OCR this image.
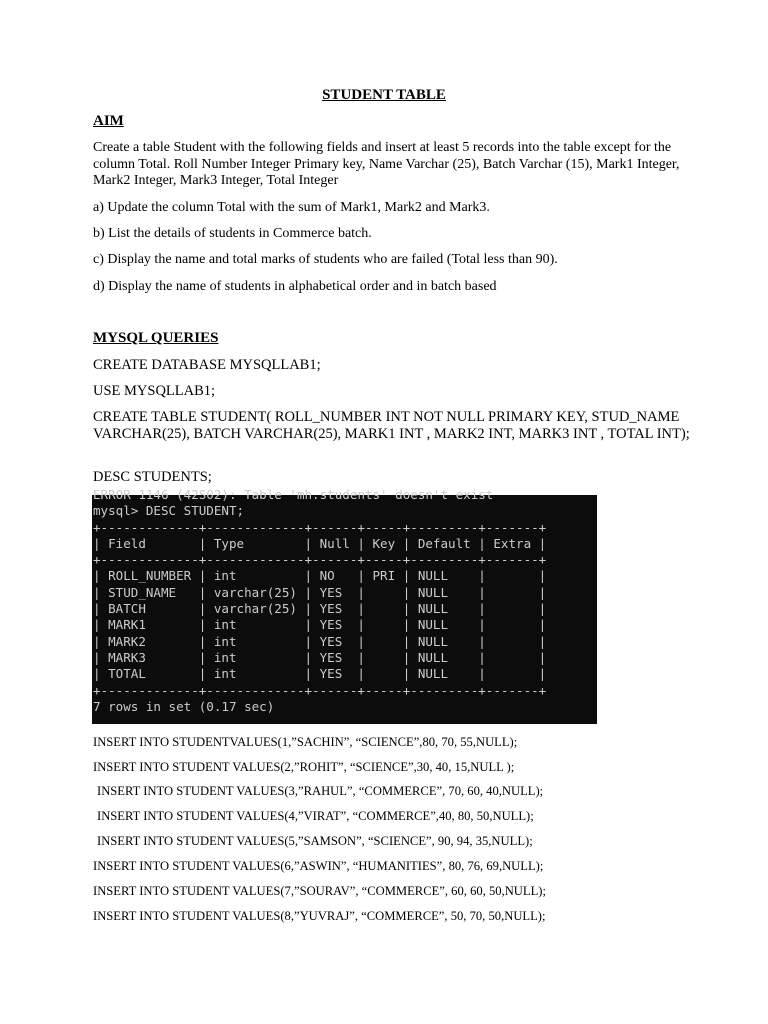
STUDENT TABLE
AIM

Create a table Student with the following fields and insert at least 5 records into the table except for the column Total. Roll Number Integer Primary key, Name Varchar (25), Batch Varchar (15), Mark1 Integer, Mark2 Integer, Mark3 Integer, Total Integer

a) Update the column Total with the sum of Mark1, Mark2 and Mark3.

b) List the details of students in Commerce batch.

c) Display the name and total marks of students who are failed (Total less than 90).

d) Display the name of students in alphabetical order and in batch based

MYSQL QUERIES

CREATE DATABASE MYSQLLAB1;

USE MYSQLLAB1;

CREATE TABLE STUDENT( ROLL_NUMBER INT NOT NULL PRIMARY KEY, STUD_NAME VARCHAR(25), BATCH VARCHAR(25), MARK1 INT , MARK2 INT, MARK3 INT , TOTAL INT);

DESC STUDENTS;

ERROR 1146 (42S02): Table 'mh.students' doesn't exist
mysql> DESC STUDENT;
+-------------+-------------+------+-----+---------+-------+
| Field       | Type        | Null | Key | Default | Extra |
+-------------+-------------+------+-----+---------+-------+
| ROLL_NUMBER | int         | NO   | PRI | NULL    |       |
| STUD_NAME   | varchar(25) | YES  |     | NULL    |       |
| BATCH       | varchar(25) | YES  |     | NULL    |       |
| MARK1       | int         | YES  |     | NULL    |       |
| MARK2       | int         | YES  |     | NULL    |       |
| MARK3       | int         | YES  |     | NULL    |       |
| TOTAL       | int         | YES  |     | NULL    |       |
+-------------+-------------+------+-----+---------+-------+
7 rows in set (0.17 sec)

INSERT INTO STUDENTVALUES(1,”SACHIN”, “SCIENCE”,80, 70, 55,NULL);

INSERT INTO STUDENT VALUES(2,”ROHIT”, “SCIENCE”,30, 40, 15,NULL );

INSERT INTO STUDENT VALUES(3,”RAHUL”, “COMMERCE”, 70, 60, 40,NULL);

INSERT INTO STUDENT VALUES(4,”VIRAT”, “COMMERCE”,40, 80, 50,NULL);

INSERT INTO STUDENT VALUES(5,”SAMSON”, “SCIENCE”, 90, 94, 35,NULL);

INSERT INTO STUDENT VALUES(6,”ASWIN”, “HUMANITIES”, 80, 76, 69,NULL);

INSERT INTO STUDENT VALUES(7,”SOURAV”, “COMMERCE”, 60, 60, 50,NULL);

INSERT INTO STUDENT VALUES(8,”YUVRAJ”, “COMMERCE”, 50, 70, 50,NULL);
